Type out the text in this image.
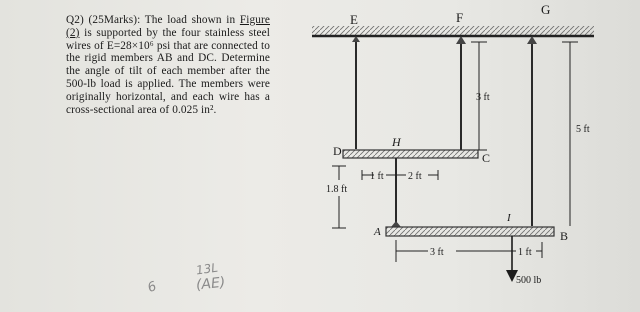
Q2) (25Marks): The load shown in Figure (2) is supported by the four stainless steel wires of E=28×10⁶ psi that are connected to the rigid members AB and DC. Determine the angle of tilt of each member after the 500-lb load is applied. The members were originally horizontal, and each wire has a cross-sectional area of 0.025 in².

E	F
G
3 ft
5 ft
H
D	C
1.8 ft
1 ft 2 ft
A	B
I
3 ft	1 ft
500 lb
6
13L
(AE)
